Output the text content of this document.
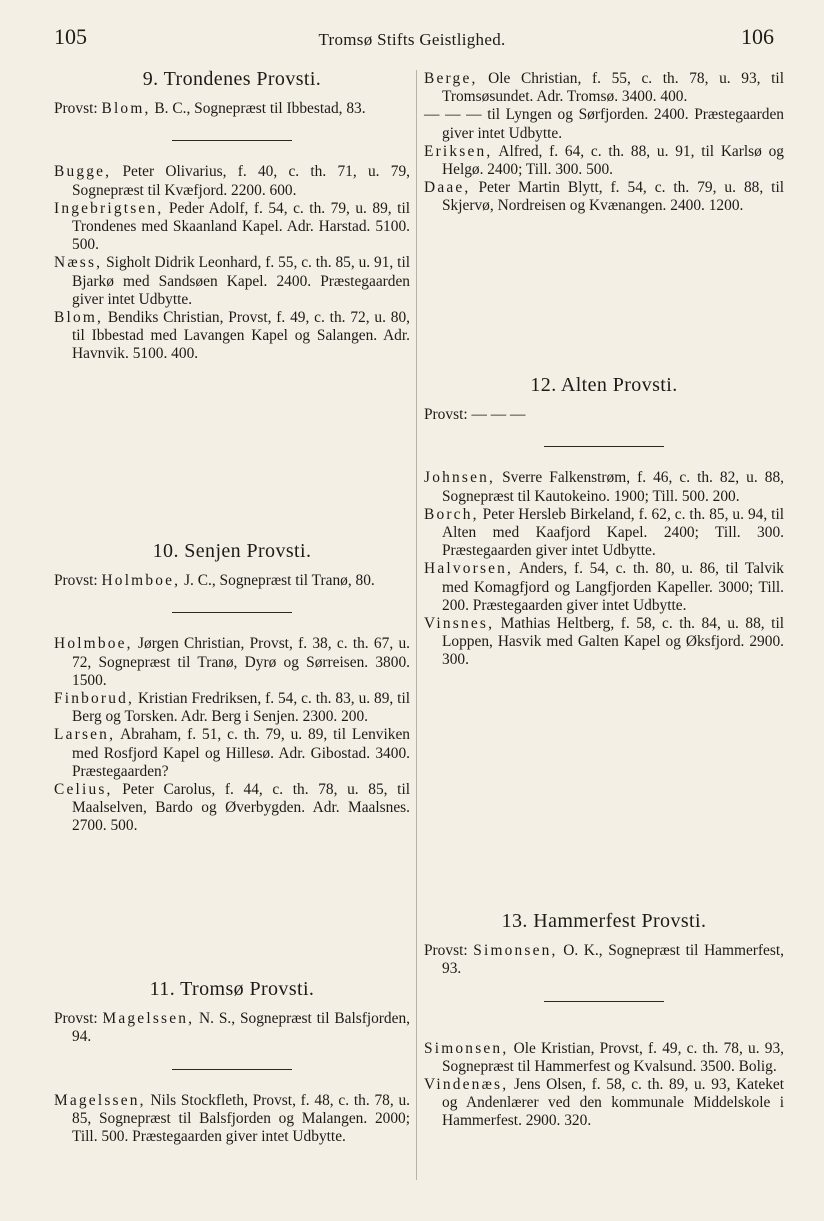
105	Tromsø Stifts Geistlighed.	106
9. Trondenes Provsti.
Provst: Blom, B. C., Sognepræst til Ibbestad, 83.
Bugge, Peter Olivarius, f. 40, c. th. 71, u. 79, Sognepræst til Kvæfjord. 2200. 600.
Ingebrigtsen, Peder Adolf, f. 54, c. th. 79, u. 89, til Trondenes med Skaanland Kapel. Adr. Harstad. 5100. 500.
Næss, Sigholt Didrik Leonhard, f. 55, c. th. 85, u. 91, til Bjarkø med Sandsøen Kapel. 2400. Præstegaarden giver intet Udbytte.
Blom, Bendiks Christian, Provst, f. 49, c. th. 72, u. 80, til Ibbestad med Lavangen Kapel og Salangen. Adr. Havnvik. 5100. 400.
10. Senjen Provsti.
Provst: Holmboe, J. C., Sognepræst til Tranø, 80.
Holmboe, Jørgen Christian, Provst, f. 38, c. th. 67, u. 72, Sognepræst til Tranø, Dyrø og Sørreisen. 3800. 1500.
Finborud, Kristian Fredriksen, f. 54, c. th. 83, u. 89, til Berg og Torsken. Adr. Berg i Senjen. 2300. 200.
Larsen, Abraham, f. 51, c. th. 79, u. 89, til Lenviken med Rosfjord Kapel og Hillesø. Adr. Gibostad. 3400. Præstegaarden?
Celius, Peter Carolus, f. 44, c. th. 78, u. 85, til Maalselven, Bardo og Øverbygden. Adr. Maalsnes. 2700. 500.
11. Tromsø Provsti.
Provst: Magelssen, N. S., Sognepræst til Balsfjorden, 94.
Magelssen, Nils Stockfleth, Provst, f. 48, c. th. 78, u. 85, Sognepræst til Balsfjorden og Malangen. 2000; Till. 500. Præstegaarden giver intet Udbytte.
Berge, Ole Christian, f. 55, c. th. 78, u. 93, til Tromsøsundet. Adr. Tromsø. 3400. 400.
— — — til Lyngen og Sørfjorden. 2400. Præstegaarden giver intet Udbytte.
Eriksen, Alfred, f. 64, c. th. 88, u. 91, til Karlsø og Helgø. 2400; Till. 300. 500.
Daae, Peter Martin Blytt, f. 54, c. th. 79, u. 88, til Skjervø, Nordreisen og Kvænangen. 2400. 1200.
12. Alten Provsti.
Provst: — — —
Johnsen, Sverre Falkenstrøm, f. 46, c. th. 82, u. 88, Sognepræst til Kautokeino. 1900; Till. 500. 200.
Borch, Peter Hersleb Birkeland, f. 62, c. th. 85, u. 94, til Alten med Kaafjord Kapel. 2400; Till. 300. Præstegaarden giver intet Udbytte.
Halvorsen, Anders, f. 54, c. th. 80, u. 86, til Talvik med Komagfjord og Langfjorden Kapeller. 3000; Till. 200. Præstegaarden giver intet Udbytte.
Vinsnes, Mathias Heltberg, f. 58, c. th. 84, u. 88, til Loppen, Hasvik med Galten Kapel og Øksfjord. 2900. 300.
13. Hammerfest Provsti.
Provst: Simonsen, O. K., Sognepræst til Hammerfest, 93.
Simonsen, Ole Kristian, Provst, f. 49, c. th. 78, u. 93, Sognepræst til Hammerfest og Kvalsund. 3500. Bolig.
Vindenæs, Jens Olsen, f. 58, c. th. 89, u. 93, Kateket og Andenlærer ved den kommunale Middelskole i Hammerfest. 2900. 320.
